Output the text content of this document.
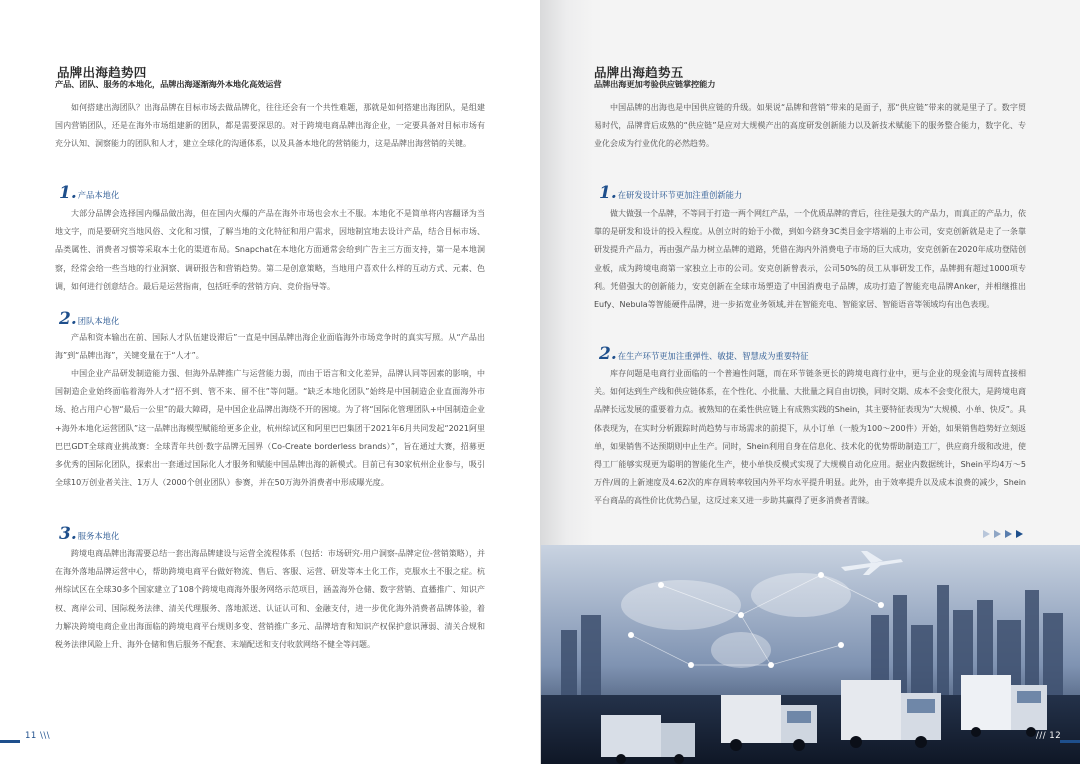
品牌出海趋势四
产品、团队、服务的本地化，品牌出海逐渐海外本地化高效运营

如何搭建出海团队？出海品牌在目标市场去做品牌化，往往还会有一个共性难题，那就是如何搭建出海团队，是组建国内营销团队，还是在海外市场组建新的团队，都是需要深思的。对于跨境电商品牌出海企业，一定要具备对目标市场有充分认知、洞察能力的团队和人才，建立全球化的沟通体系，以及具备本地化的营销能力，这是品牌出海营销的关键。

1. 产品本地化

大部分品牌会选择国内爆品做出海，但在国内火爆的产品在海外市场也会水土不服。本地化不是简单将内容翻译为当地文字，而是要研究当地风俗、文化和习惯，了解当地的文化特征和用户需求，因地制宜地去设计产品，结合目标市场、品类属性、消费者习惯等采取本土化的渠道布局。Snapchat在本地化方面通常会给到广告主三方面支持，第一是本地洞察，经常会给一些当地的行业洞察、调研报告和营销趋势。第二是创意策略，当地用户喜欢什么样的互动方式、元素、色调，如何进行创意结合。最后是运营指南，包括旺季的营销方向、竞价指导等。

2. 团队本地化

产品和资本输出在前、国际人才队伍建设滞后”一直是中国品牌出海企业面临海外市场竞争时的真实写照。从“产品出海”到“品牌出海”，关键变量在于“人才”。

中国企业产品研发制造能力强、但海外品牌推广与运营能力弱，而由于语言和文化差异，品牌认同等因素的影响，中国制造企业始终面临着海外人才“招不到、管不来、留不住”等问题。“缺乏本地化团队”始终是中国制造企业直面海外市场、抢占用户心智“最后一公里”的最大障碍，是中国企业品牌出海绕不开的困境。为了将“国际化管理团队+中国制造企业+海外本地化运营团队”这一品牌出海模型赋能给更多企业，杭州综试区和阿里巴巴集团于2021年6月共同发起“2021阿里巴巴GDT全球商业挑战赛：全球青年共创·数字品牌无国界（Co-Create borderless brands）”，旨在通过大赛，招募更多优秀的国际化团队，探索出一套通过国际化人才服务和赋能中国品牌出海的新模式。目前已有30家杭州企业参与，吸引全球10万创业者关注、1万人（2000个创业团队）参赛，并在50万海外消费者中形成曝光度。

3. 服务本地化

跨境电商品牌出海需要总结一套出海品牌建设与运营全流程体系（包括：市场研究-用户洞察-品牌定位-营销策略），并在海外落地品牌运营中心，帮助跨境电商平台做好物流、售后、客服、运营、研发等本土化工作，克服水土不服之症。杭州综试区在全球30多个国家建立了108个跨境电商海外服务网络示范项目，涵盖海外仓储、数字营销、直播推广、知识产权、离岸公司、国际税务法律、清关代理服务、落地派送、认证认可和、金融支付，进一步优化海外消费者品牌体验，着力解决跨境电商企业出海面临的跨境电商平台规则多变、营销推广多元、品牌培育和知识产权保护意识薄弱、清关合规和税务法律风险上升、海外仓储和售后服务不配套、末端配送和支付收款网络不健全等问题。

11 \\\
品牌出海趋势五
品牌出海更加考验供应链掌控能力

中国品牌的出海也是中国供应链的升级。如果说“品牌和营销”带来的是面子，那“供应链”带来的就是里子了。数字贸易时代，品牌背后成熟的“供应链”是应对大规模产出的高度研发创新能力以及新技术赋能下的服务整合能力，数字化、专业化会成为行业优化的必然趋势。

1. 在研发设计环节更加注重创新能力

做大做强一个品牌，不等同于打造一两个网红产品，一个优质品牌的背后，往往是强大的产品力，而真正的产品力，依靠的是研发和设计的投入程度。从创立时的始于小微，到如今跻身3C类目金字塔端的上市公司，安克创新就是走了一条靠研发提升产品力，再由强产品力树立品牌的道路，凭借在海内外消费电子市场的巨大成功，安克创新在2020年成功登陆创业板，成为跨境电商第一家独立上市的公司。安克创新曾表示，公司50%的员工从事研发工作，品牌拥有超过1000项专利。凭借强大的创新能力，安克创新在全球市场塑造了中国消费电子品牌，成功打造了智能充电品牌Anker，并相继推出Eufy、Nebula等智能硬件品牌，进一步拓宽业务领域,并在智能充电、智能家居、智能语音等领域均有出色表现。

2. 在生产环节更加注重弹性、敏捷、智慧成为重要特征

库存问题是电商行业面临的一个普遍性问题，而在环节链条更长的跨境电商行业中，更与企业的现金流与周转直接相关。如何达到生产线和供应链体系，在个性化、小批量、大批量之间自由切换，同时交期、成本不会变化很大，是跨境电商品牌长远发展的重要着力点。被熟知的在柔性供应链上有成熟实践的Shein，其主要特征表现为“大规模、小单、快反”。具体表现为，在实时分析跟踪时尚趋势与市场需求的前提下，从小订单（一般为100～200件）开始，如果销售趋势好立刻返单，如果销售不达预期则中止生产。同时，Shein利用自身在信息化、技术化的优势帮助制造工厂，供应商升级和改进，使得工厂能够实现更为聪明的智能化生产，使小单快反模式实现了大规模自动化应用。据业内数据统计，Shein平均4万～5万件/周的上新速度及4.62次的库存周转率较国内外平均水平提升明显。此外，由于效率提升以及成本浪费的减少，Shein平台商品的高性价比优势凸显，这反过来又进一步助其赢得了更多消费者青睐。

/// 12
